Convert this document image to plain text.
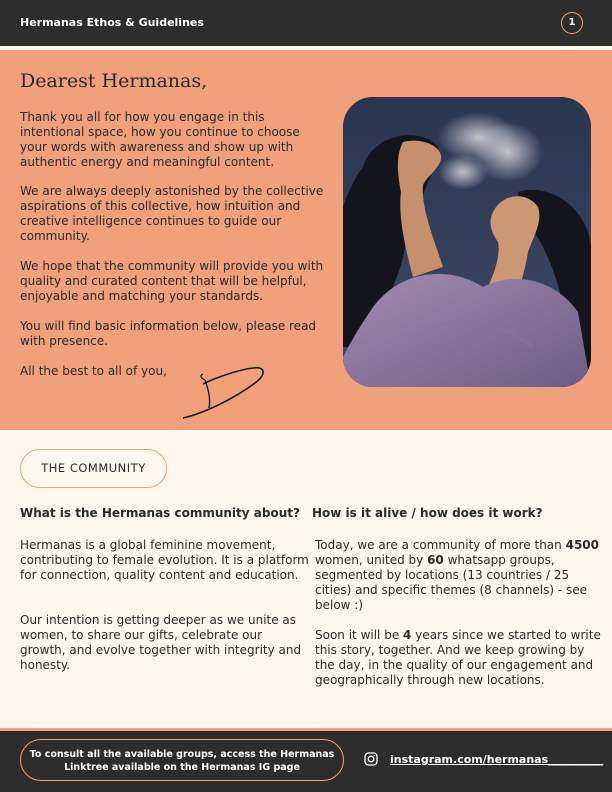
Hermanas Ethos & Guidelines	1
Dearest Hermanas,

Thank you all for how you engage in this intentional space, how you continue to choose your words with awareness and show up with authentic energy and meaningful content.

We are always deeply astonished by the collective aspirations of this collective, how intuition and creative intelligence continues to guide our community.

We hope that the community will provide you with quality and curated content that will be helpful, enjoyable and matching your standards.

You will find basic information below, please read with presence.

All the best to all of you,

THE COMMUNITY
What is the Hermanas community about?

Hermanas is a global feminine movement, contributing to female evolution. It is a platform for connection, quality content and education.

Our intention is getting deeper as we unite as women, to share our gifts, celebrate our growth, and evolve together with integrity and honesty.

How is it alive / how does it work?

Today, we are a community of more than 4500 women, united by 60 whatsapp groups, segmented by locations (13 countries / 25 cities) and specific themes (8 channels) - see below :)

Soon it will be 4 years since we started to write this story, together. And we keep growing by the day, in the quality of our engagement and geographically through new locations.

To consult all the available groups, access the Hermanas Linktree available on the Hermanas IG page
instagram.com/hermanas__________
